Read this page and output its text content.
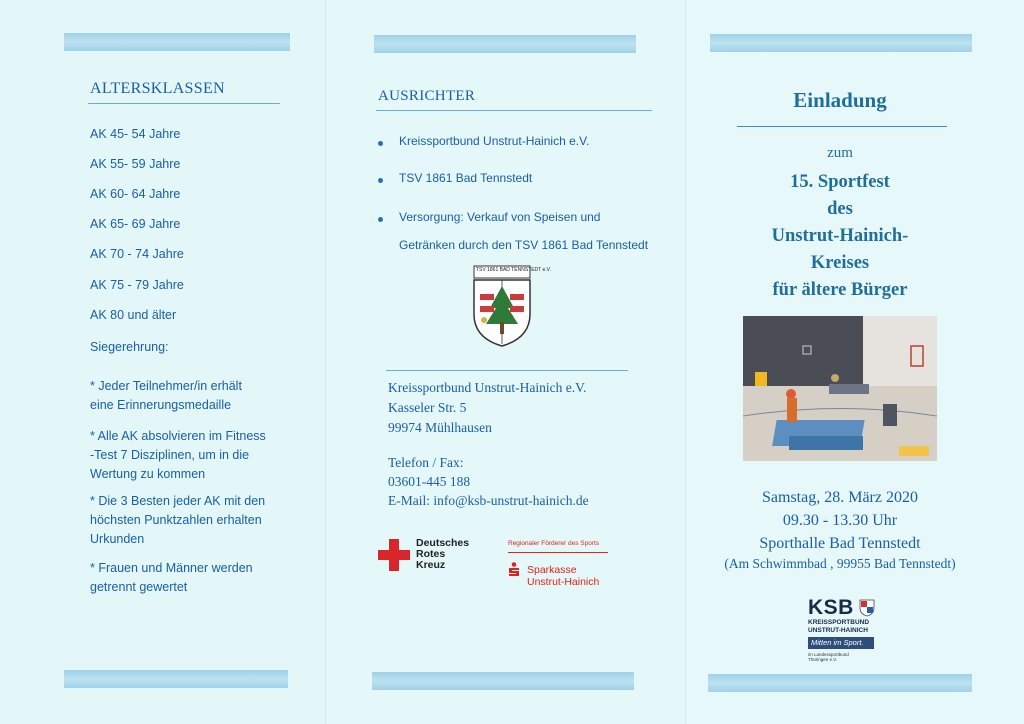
ALTERSKLASSEN
AK 45- 54 Jahre
AK 55- 59 Jahre
AK 60- 64 Jahre
AK 65- 69 Jahre
AK 70 - 74 Jahre
AK 75 - 79 Jahre
AK 80 und älter
Siegerehrung:
* Jeder Teilnehmer/in erhält
eine Erinnerungsmedaille
* Alle AK absolvieren im Fitness
-Test 7 Disziplinen, um in die
Wertung zu kommen
* Die 3 Besten jeder AK mit den
höchsten Punktzahlen erhalten
Urkunden
* Frauen und Männer werden
getrennt gewertet
AUSRICHTER
Kreissportbund Unstrut-Hainich e.V.
TSV 1861 Bad Tennstedt
Versorgung: Verkauf von Speisen und
Getränken durch den TSV 1861 Bad Tennstedt
TSV 1861 BAD TENNSTEDT e.V.
Kreissportbund Unstrut-Hainich e.V.
Kasseler Str. 5
99974 Mühlhausen
Telefon / Fax:
03601-445 188
E-Mail: info@ksb-unstrut-hainich.de
Deutsches
Rotes
Kreuz
Regionaler Förderer des Sports
Sparkasse
Unstrut-Hainich
Einladung
zum
15. Sportfest
des
Unstrut-Hainich-
Kreises
für ältere Bürger
Samstag, 28. März 2020
09.30 - 13.30 Uhr
Sporthalle Bad Tennstedt
(Am Schwimmbad , 99955 Bad Tennstedt)
KSB
KREISSPORTBUND
UNSTRUT-HAINICH
Mitten im Sport.
im Landessportbund
Thüringen e.V.
